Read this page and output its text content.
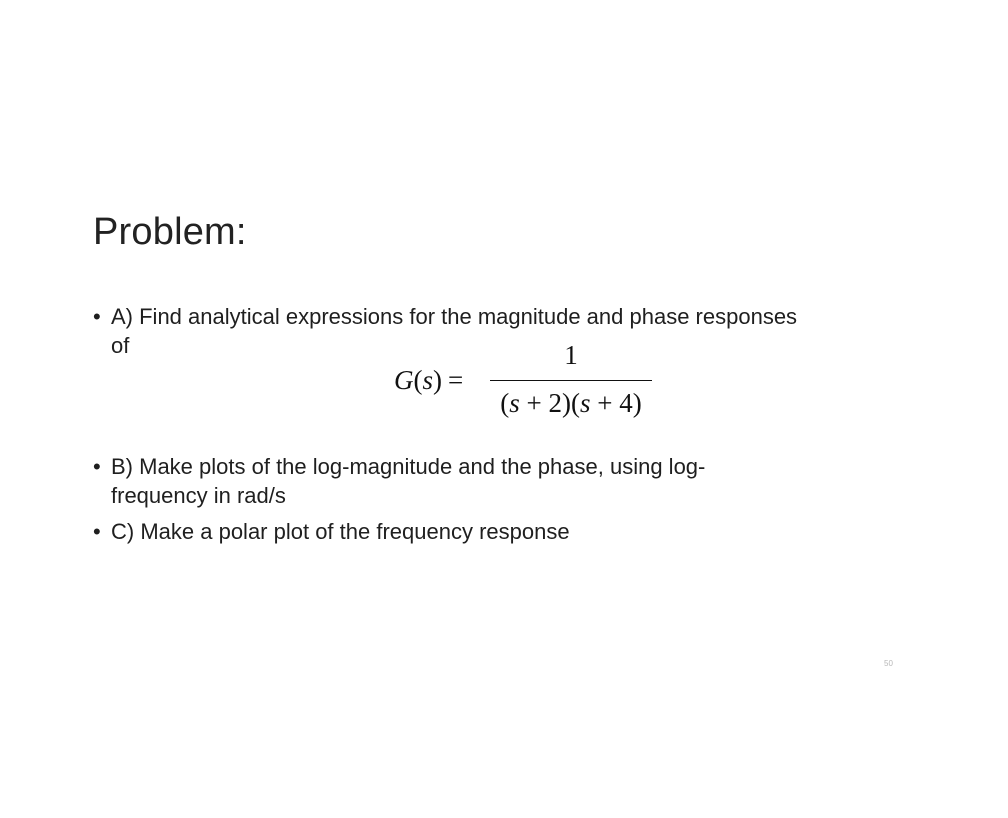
Problem:
• A) Find analytical expressions for the magnitude and phase responses
of
G(s) =
1
(s + 2)(s + 4)
• B) Make plots of the log-magnitude and the phase, using log-
frequency in rad/s
• C) Make a polar plot of the frequency response
50
